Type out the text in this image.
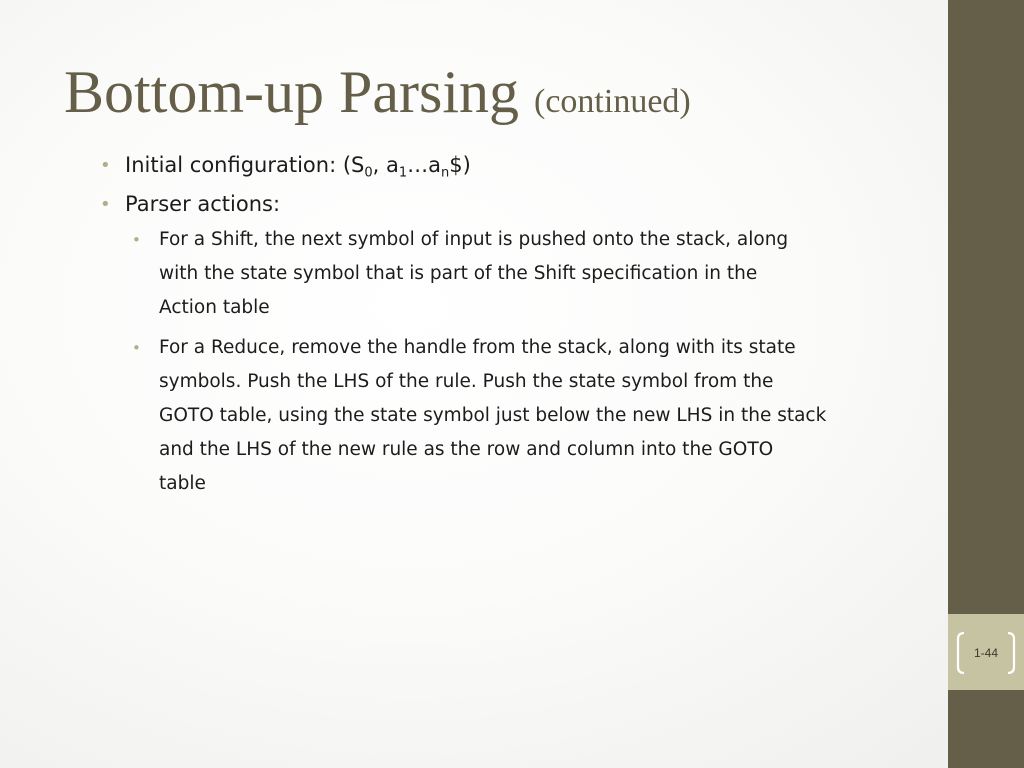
1-44
Bottom-up Parsing (continued)
• Initial configuration: ($S_0$, $a_1\dots a_n\$$)
• Parser actions:
• For a Shift, the next symbol of input is pushed onto the stack, along
with the state symbol that is part of the Shift specification in the
Action table
• For a Reduce, remove the handle from the stack, along with its state
symbols. Push the LHS of the rule. Push the state symbol from the
GOTO table, using the state symbol just below the new LHS in the stack
and the LHS of the new rule as the row and column into the GOTO
table
